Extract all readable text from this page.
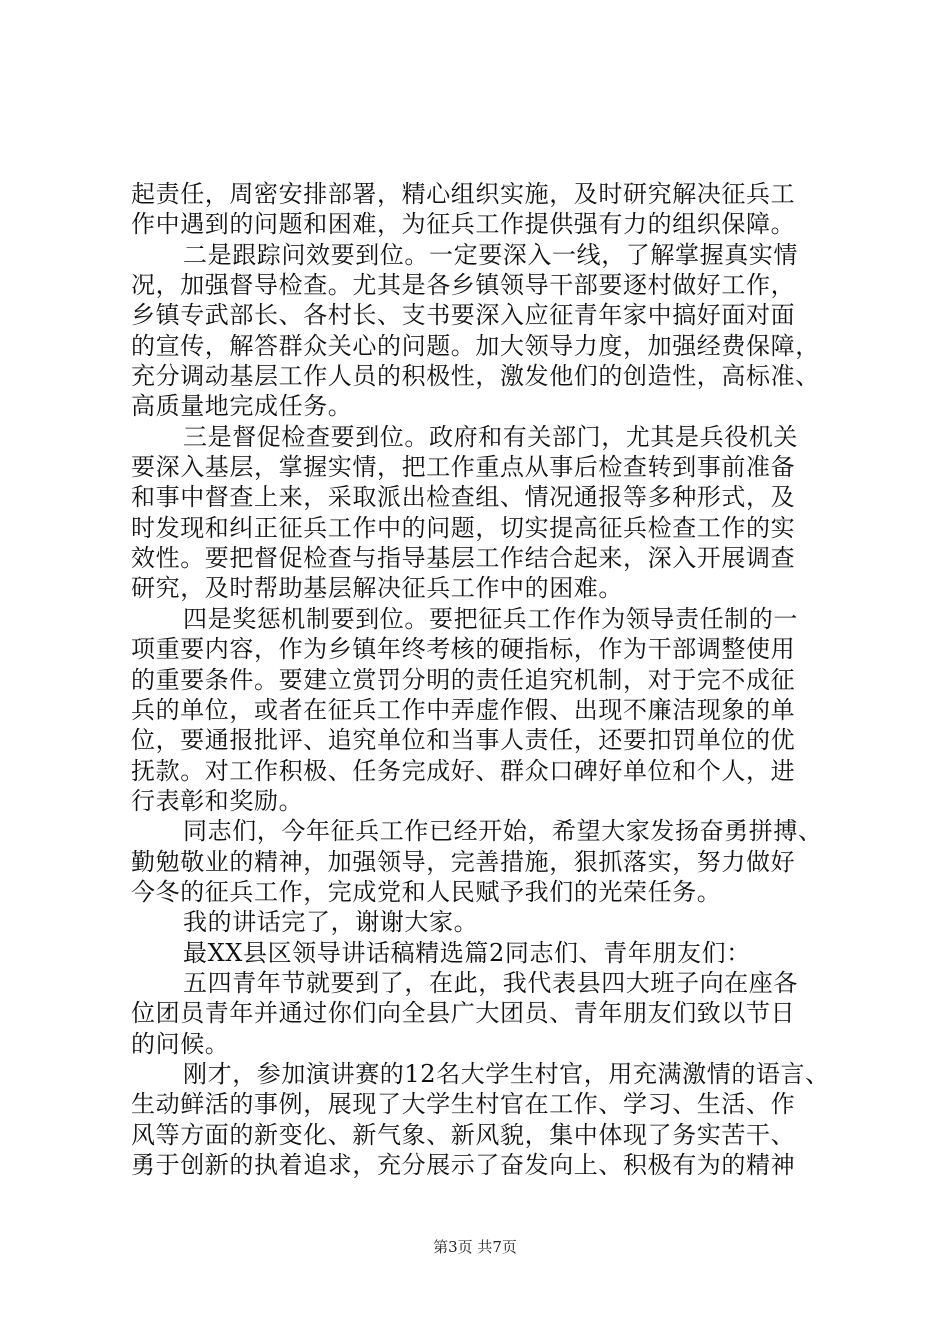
起责任，周密安排部署，精心组织实施，及时研究解决征兵工
作中遇到的问题和困难，为征兵工作提供强有力的组织保障。
二是跟踪问效要到位。一定要深入一线，了解掌握真实情
况，加强督导检查。尤其是各乡镇领导干部要逐村做好工作，
乡镇专武部长、各村长、支书要深入应征青年家中搞好面对面
的宣传，解答群众关心的问题。加大领导力度，加强经费保障，
充分调动基层工作人员的积极性，激发他们的创造性，高标准、
高质量地完成任务。
三是督促检查要到位。政府和有关部门，尤其是兵役机关
要深入基层，掌握实情，把工作重点从事后检查转到事前准备
和事中督查上来，采取派出检查组、情况通报等多种形式，及
时发现和纠正征兵工作中的问题，切实提高征兵检查工作的实
效性。要把督促检查与指导基层工作结合起来，深入开展调查
研究，及时帮助基层解决征兵工作中的困难。
四是奖惩机制要到位。要把征兵工作作为领导责任制的一
项重要内容，作为乡镇年终考核的硬指标，作为干部调整使用
的重要条件。要建立赏罚分明的责任追究机制，对于完不成征
兵的单位，或者在征兵工作中弄虚作假、出现不廉洁现象的单
位，要通报批评、追究单位和当事人责任，还要扣罚单位的优
抚款。对工作积极、任务完成好、群众口碑好单位和个人，进
行表彰和奖励。
同志们，今年征兵工作已经开始，希望大家发扬奋勇拼搏、
勤勉敬业的精神，加强领导，完善措施，狠抓落实，努力做好
今冬的征兵工作，完成党和人民赋予我们的光荣任务。
我的讲话完了，谢谢大家。
最XX县区领导讲话稿精选篇2同志们、青年朋友们：
五四青年节就要到了，在此，我代表县四大班子向在座各
位团员青年并通过你们向全县广大团员、青年朋友们致以节日
的问候。
刚才，参加演讲赛的12名大学生村官，用充满激情的语言、
生动鲜活的事例，展现了大学生村官在工作、学习、生活、作
风等方面的新变化、新气象、新风貌，集中体现了务实苦干、
勇于创新的执着追求，充分展示了奋发向上、积极有为的精神
第3页 共7页
